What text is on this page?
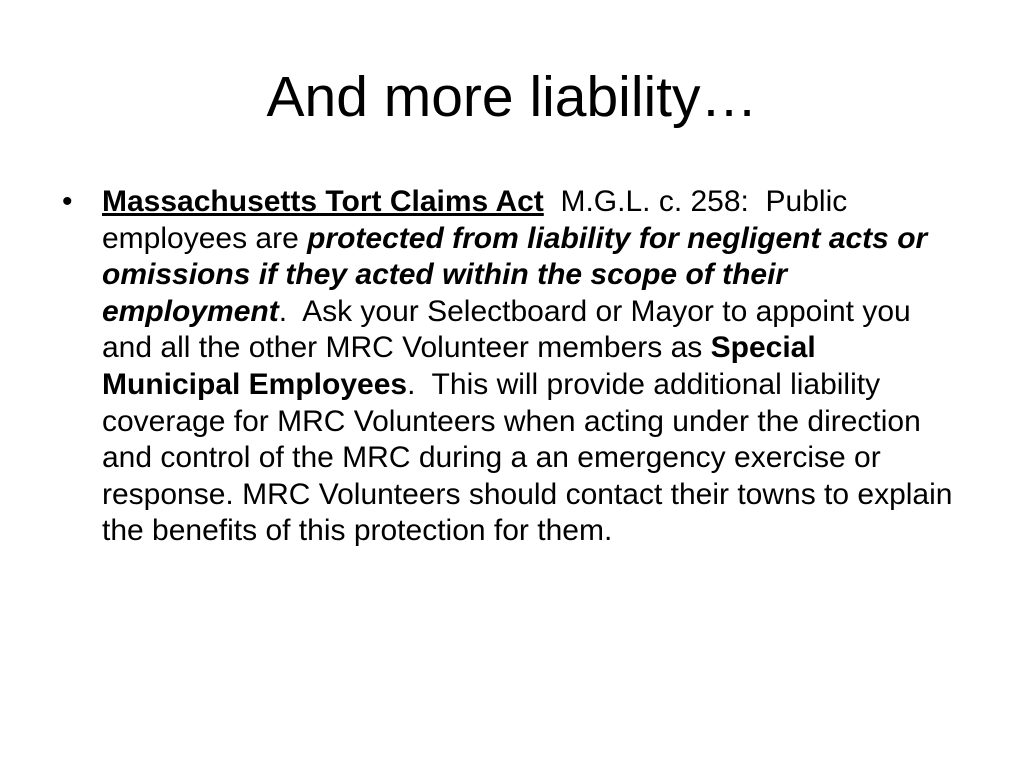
And more liability…
• Massachusetts Tort Claims Act  M.G.L. c. 258:  Public employees are protected from liability for negligent acts or omissions if they acted within the scope of their employment.  Ask your Selectboard or Mayor to appoint you and all the other MRC Volunteer members as Special Municipal Employees.  This will provide additional liability coverage for MRC Volunteers when acting under the direction and control of the MRC during a an emergency exercise or response. MRC Volunteers should contact their towns to explain the benefits of this protection for them.
